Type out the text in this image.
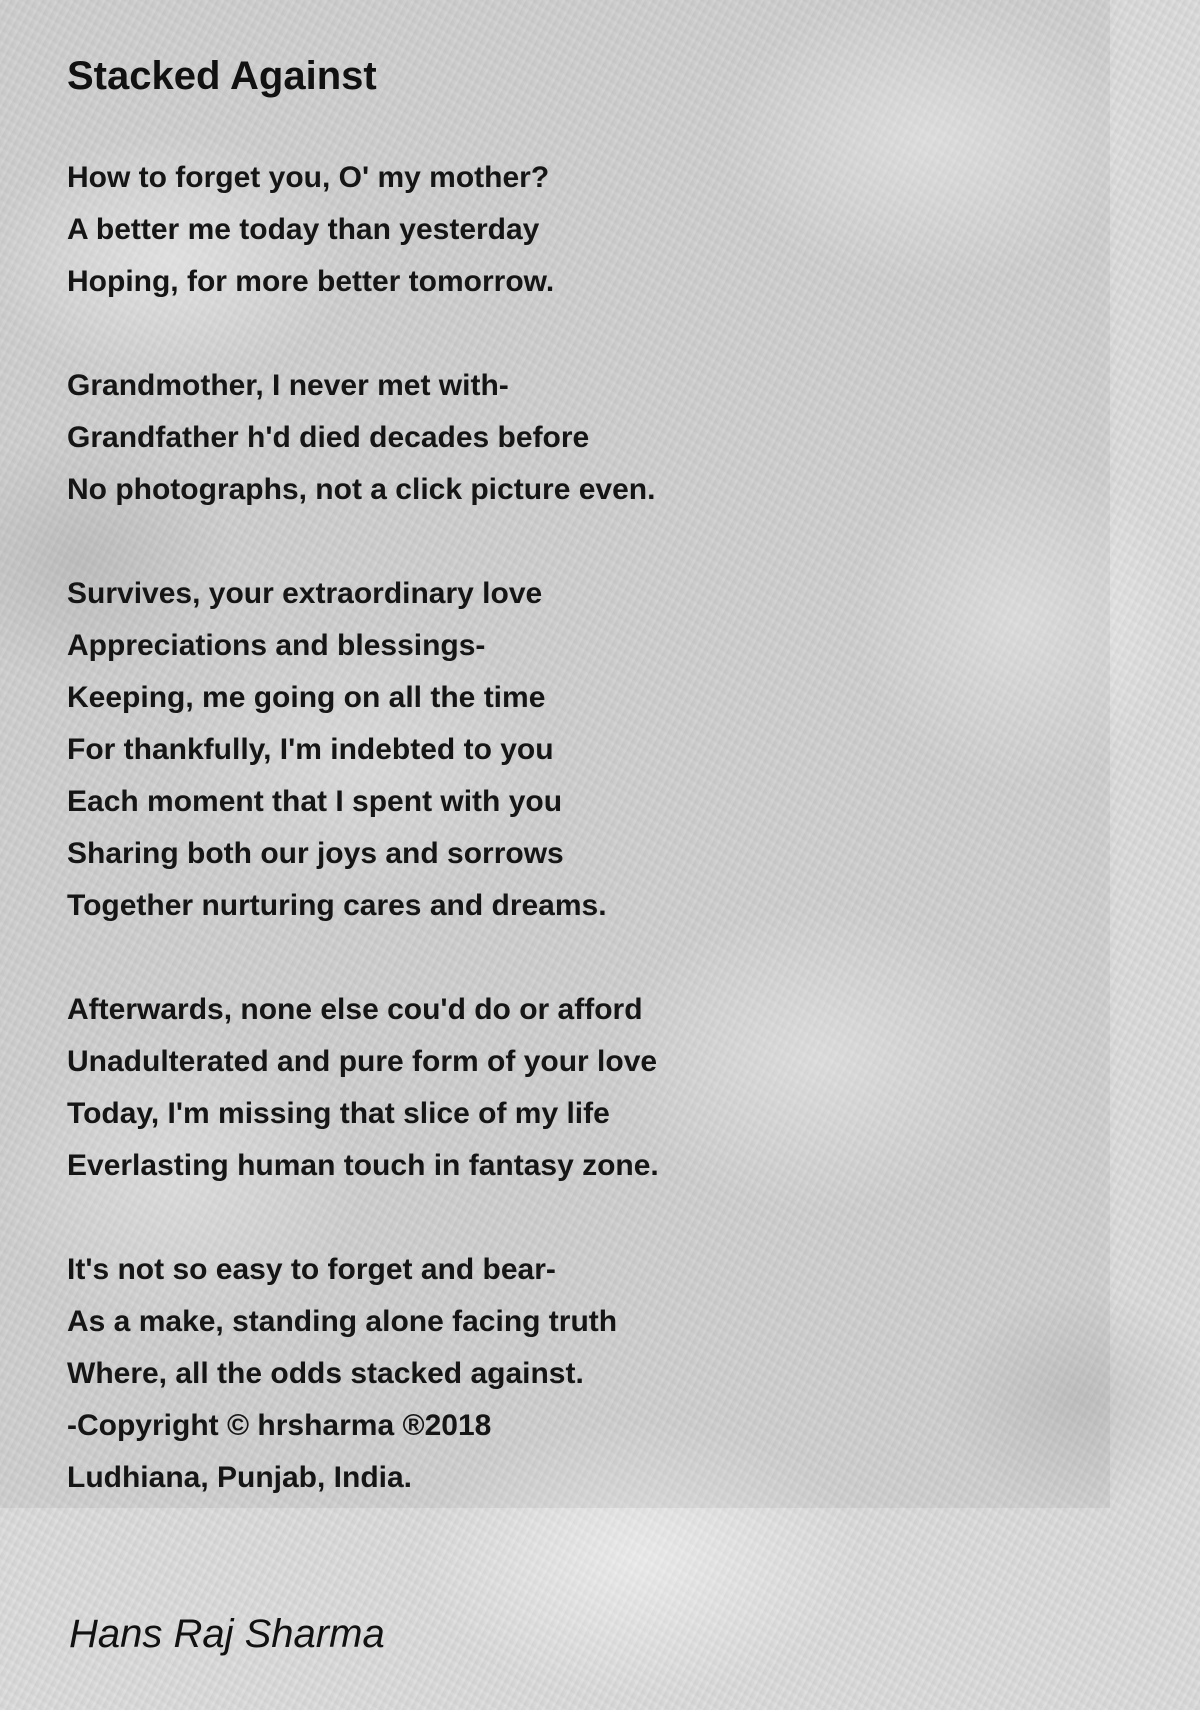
Stacked Against
How to forget you, O' my mother?
A better me today than yesterday
Hoping, for more better tomorrow.
Grandmother, I never met with-
Grandfather h'd died decades before
No photographs, not a click picture even.
Survives, your extraordinary love
Appreciations and blessings-
Keeping, me going on all the time
For thankfully, I'm indebted to you
Each moment that I spent with you
Sharing both our joys and sorrows
Together nurturing cares and dreams.
Afterwards, none else cou'd do or afford
Unadulterated and pure form of your love
Today, I'm missing that slice of my life
Everlasting human touch in fantasy zone.
It's not so easy to forget and bear-
As a make, standing alone facing truth
Where, all the odds stacked against.
-Copyright © hrsharma ®2018
Ludhiana, Punjab, India.
Hans Raj Sharma
